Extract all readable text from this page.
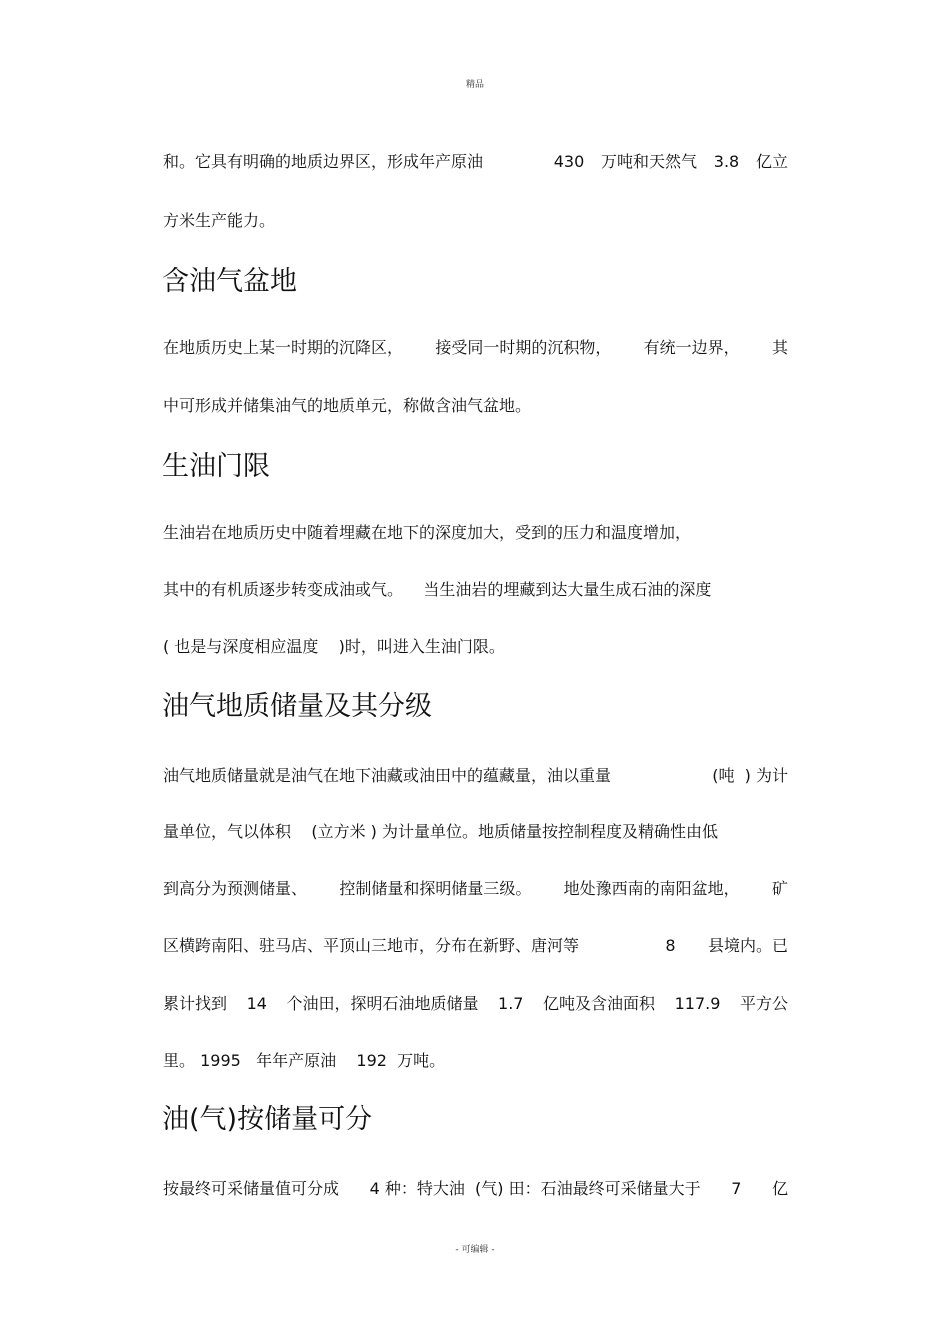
精品
和。它具有明确的地质边界区，形成年产原油	430 万吨和天然气 3.8 亿立
方米生产能力。
含油气盆地
在地质历史上某一时期的沉降区， 接受同一时期的沉积物， 有统一边界， 其
中可形成并储集油气的地质单元，称做含油气盆地。
生油门限
生油岩在地质历史中随着埋藏在地下的深度加大，受到的压力和温度增加，
其中的有机质逐步转变成油或气。    当生油岩的埋藏到达大量生成石油的深度
( 也是与深度相应温度    )时，叫进入生油门限。
油气地质储量及其分级
油气地质储量就是油气在地下油藏或油田中的蕴藏量，油以重量	(吨  ) 为计
量单位，气以体积    (立方米 ) 为计量单位。地质储量按控制程度及精确性由低
到高分为预测储量、 控制储量和探明储量三级。 地处豫西南的南阳盆地， 矿
区横跨南阳、驻马店、平顶山三地市，分布在新野、唐河等	8 县境内。已
累计找到 14 个油田，探明石油地质储量 1.7 亿吨及含油面积 117.9 平方公
里。 1995   年年产原油    192  万吨。
油(气)按储量可分
按最终可采储量值可分成 4 种：特大油  (气) 田：石油最终可采储量大于 7 亿
- 可编辑 -
